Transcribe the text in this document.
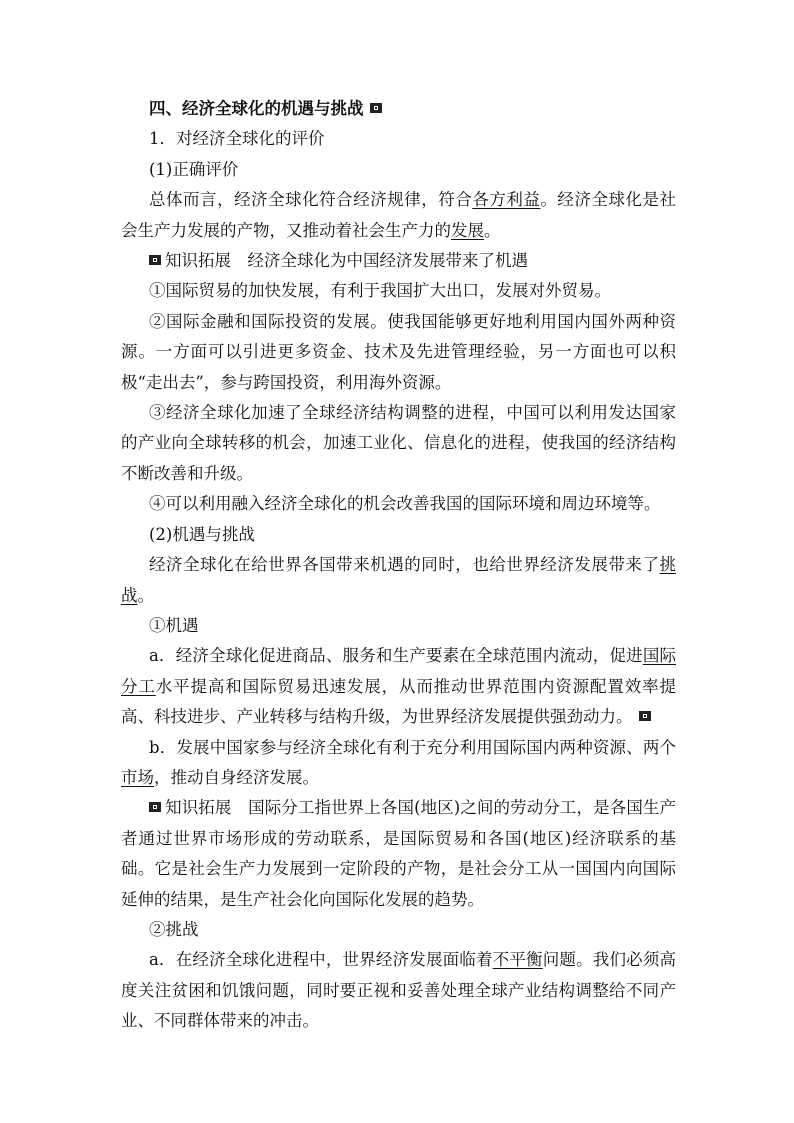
四、经济全球化的机遇与挑战

1．对经济全球化的评价

(1)正确评价

总体而言，经济全球化符合经济规律，符合各方利益。经济全球化是社会生产力发展的产物，又推动着社会生产力的发展。

知识拓展　经济全球化为中国经济发展带来了机遇

①国际贸易的加快发展，有利于我国扩大出口，发展对外贸易。

②国际金融和国际投资的发展。使我国能够更好地利用国内国外两种资源。一方面可以引进更多资金、技术及先进管理经验，另一方面也可以积极“走出去”，参与跨国投资，利用海外资源。

③经济全球化加速了全球经济结构调整的进程，中国可以利用发达国家的产业向全球转移的机会，加速工业化、信息化的进程，使我国的经济结构不断改善和升级。

④可以利用融入经济全球化的机会改善我国的国际环境和周边环境等。

(2)机遇与挑战

经济全球化在给世界各国带来机遇的同时，也给世界经济发展带来了挑战。

①机遇

a．经济全球化促进商品、服务和生产要素在全球范围内流动，促进国际分工水平提高和国际贸易迅速发展，从而推动世界范围内资源配置效率提高、科技进步、产业转移与结构升级，为世界经济发展提供强劲动力。

b．发展中国家参与经济全球化有利于充分利用国际国内两种资源、两个市场，推动自身经济发展。

知识拓展　国际分工指世界上各国(地区)之间的劳动分工，是各国生产者通过世界市场形成的劳动联系，是国际贸易和各国(地区)经济联系的基础。它是社会生产力发展到一定阶段的产物，是社会分工从一国国内向国际延伸的结果，是生产社会化向国际化发展的趋势。

②挑战

a．在经济全球化进程中，世界经济发展面临着不平衡问题。我们必须高度关注贫困和饥饿问题，同时要正视和妥善处理全球产业结构调整给不同产业、不同群体带来的冲击。
